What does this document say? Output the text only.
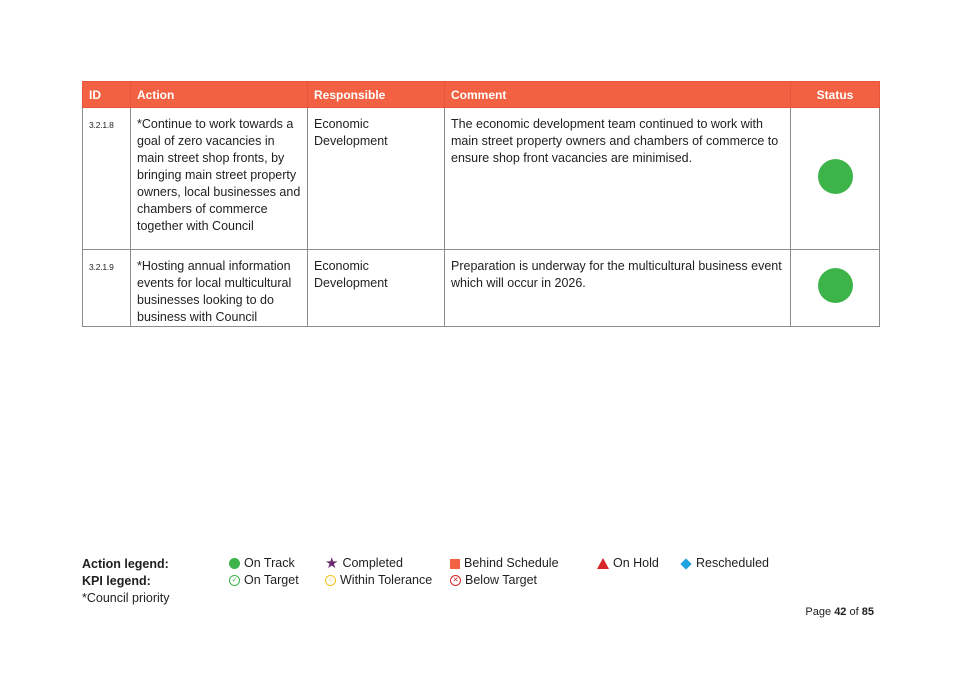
ID	Action	Responsible	Comment	Status
3.2.1.8	*Continue to work towards a goal of zero vacancies in main street shop fronts, by bringing main street property owners, local businesses and chambers of commerce together with Council	Economic Development	The economic development team continued to work with main street property owners and chambers of commerce to ensure shop front vacancies are minimised.	
3.2.1.9	*Hosting annual information events for local multicultural businesses looking to do business with Council	Economic Development	Preparation is underway for the multicultural business event which will occur in 2026.	
Action legend:
KPI legend:
*Council priority
On Track ★ Completed	Behind Schedule	On Hold	Rescheduled
✓ On Target	○ Within Tolerance	✕ Below Target
Page 42 of 85
